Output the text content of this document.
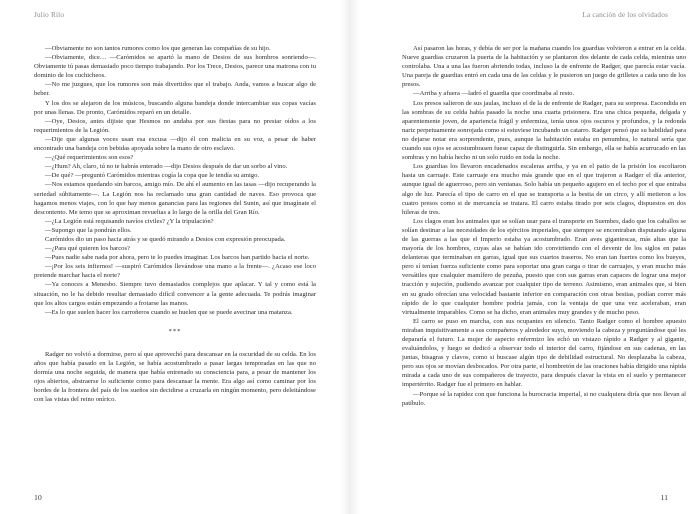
Julio Rilo

—Obviamente no son tantos rumores como los que generan las compañías de su hijo.

—Obviamente, dice… —Carómidos se apartó la mano de Desios de sus hombros sonriendo—. Obviamente tú pasas demasiado poco tiempo trabajando. Por los Trece, Desios, parece una matrona con tu dominio de los cuchicheos.

—No me juzgues, que los rumores son más divertidos que el trabajo. Anda, vamos a buscar algo de beber.

Y los dos se alejaron de los músicos, buscando alguna bandeja donde intercambiar sus copas vacías por unas llenas. De pronto, Carómidos reparó en un detalle.

—Oye, Desios, antes dijiste que Hesmos no andaba por sus fiestas para no prestar oídos a los requerimientos de la Legión.

—Dije que algunas voces usan esa excusa —dijo él con malicia en su voz, a pesar de haber encontrado una bandeja con bebidas apoyada sobre la mano de otro esclavo.

—¿Qué requerimientos son esos?

—¿Hum? Ah, claro, tú no te habrás enterado —dijo Desios después de dar un sorbo al vino.

—De qué? —preguntó Carómidos mientras cogía la copa que le tendía su amigo.

—Nos estamos quedando sin barcos, amigo mío. De ahí el aumento en las tasas —dijo recuperando la seriedad súbitamente—. La Legión nos ha reclamado una gran cantidad de naves. Eso provoca que hagamos menos viajes, con lo que hay menos ganancias para las regiones del Sunin, así que imagínate el descontento. Me temo que se aproximan revueltas a lo largo de la orilla del Gran Río.

—¿La Legión está requisando navíos civiles? ¿Y la tripulación?

—Supongo que la pondrán ellos.

Carómidos dio un paso hacia atrás y se quedó mirando a Desios con expresión preocupada.

—¿Para qué quieren los barcos?

—Pues nadie sabe nada por ahora, pero te lo puedes imaginar. Los barcos han partido hacia el norte.

—¡Por los seis infiernos! —suspiró Carómidos llevándose una mano a la frente—. ¿Acaso ese loco pretende marchar hacia el norte?

—Ya conoces a Menesbo. Siempre tuvo demasiados complejos que aplacar. Y tal y como está la situación, no le ha debido resultar demasiado difícil convencer a la gente adecuada. Te podrás imaginar que los altos cargos están empezando a frotarse las manos.

—Es lo que suelen hacer los carroñeros cuando se huelen que se puede avecinar una matanza.

***

Radger no volvió a dormirse, pero sí que aprovechó para descansar en la oscuridad de su celda. En los años que había pasado en la Legión, se había acostumbrado a pasar largas temporadas en las que no dormía una noche seguida, de manera que había entrenado su consciencia para, a pesar de mantener los ojos abiertos, abstraerse lo suficiente como para descansar la mente. Era algo así como caminar por los bordes de la frontera del país de los sueños sin decidirse a cruzarla en ningún momento, pero deleitándose con las vistas del reino onírico.

10
La canción de los olvidados

Así pasaron las horas, y debía de ser por la mañana cuando los guardias volvieron a entrar en la celda. Nueve guardias cruzaron la puerta de la habitación y se plantaron dos delante de cada celda, mientras uno controlaba. Una a una las fueron abriendo todas, incluso la de enfrente de Radger, que parecía estar vacía. Una pareja de guardias entró en cada una de las celdas y le pusieron un juego de grilletes a cada uno de los presos.

—Arriba y afuera —ladró el guardia que coordinaba al resto.

Los presos salieron de sus jaulas, incluso el de la de enfrente de Radger, para su sorpresa. Escondida en las sombras de su celda había pasado la noche una cuarta prisionera. Era una chica pequeña, delgada y aparentemente joven, de apariencia frágil y enfermiza, tenía unos ojos oscuros y profundos, y la redonda nariz perpetuamente sonrojada como si estuviese incubando un catarro. Radger pensó que su habilidad para no dejarse notar era sorprendente, pues, aunque la habitación estaba en penumbra, lo natural sería que cuando sus ojos se acostumbrasen fuese capaz de distinguirla. Sin embargo, ella se había acurrucado en las sombras y no había hecho ni un solo ruido en toda la noche.

Los guardias los llevaron encadenados escaleras arriba, y ya en el patio de la prisión los escoltaron hasta un carruaje. Este carruaje era mucho más grande que en el que trajeron a Radger el día anterior, aunque igual de aguerroso, pero sin ventanas. Solo había un pequeño agujero en el techo por el que entraba algo de luz. Parecía el tipo de carro en el que se transporta a la bestia de un circo, y allí metieron a los cuatro presos como si de mercancía se tratara. El carro estaba tirado por seis clagos, dispuestos en dos hileras de tres.

Los clagos eran los animales que se solían usar para el transporte en Suembes, dado que los caballos se solían destinar a las necesidades de los ejércitos imperiales, que siempre se encontraban disputando alguna de las guerras a las que el Imperio estaba ya acostumbrado. Eran aves gigantescas, más altas que la mayoría de los hombres, cuyas alas se habían ido convirtiendo con el devenir de los siglos en patas delanteras que terminaban en garras, igual que sus cuartos traseros. No eran tan fuertes como los bueyes, pero sí tenían fuerza suficiente como para soportar una gran carga o tirar de carruajes, y eran mucho más versátiles que cualquier mamífero de pezuña, puesto que con sus garras eran capaces de lograr una mejor tracción y sujeción, pudiendo avanzar por cualquier tipo de terreno. Asimismo, eran animales que, si bien en su grado ofrecían una velocidad bastante inferior en comparación con otras bestias, podían correr más rápido de lo que cualquier hombre podría jamás, con la ventaja de que una vez aceleraban, eran virtualmente imparables. Como se ha dicho, eran animales muy grandes y de mucho peso.

El carro se puso en marcha, con sus ocupantes en silencio. Tanto Radger como el hombre apuesto miraban inquisitivamente a sus compañeros y alrededor suyo, moviendo la cabeza y preguntándose qué les depararía el futuro. La mujer de aspecto enfermizo les echó un vistazo rápido a Radger y al gigante, evaluándolos, y luego se dedicó a observar todo el interior del carro, fijándose en sus cadenas, en las juntas, bisagras y clavos, como si buscase algún tipo de debilidad estructural. No desplazaba la cabeza, pero sus ojos se movían desbocados. Por otra parte, el hombretón de las oraciones había dirigido una rápida mirada a cada uno de sus compañeros de trayecto, para después clavar la vista en el suelo y permanecer impertérrito. Radger fue el primero en hablar.

—Porque sé la rapidez con que funciona la burocracia imperial, si no cualquiera diría que nos llevan al patíbulo.

11
